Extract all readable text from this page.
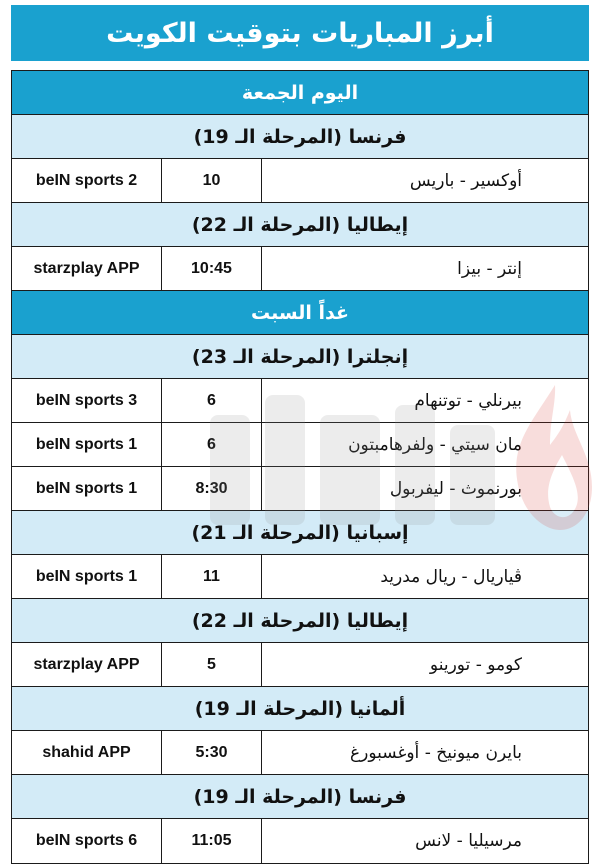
أبرز المباريات بتوقيت الكويت
اليوم الجمعة
فرنسا (المرحلة الـ 19)
beIN sports 2	10	أوكسير - باريس
إيطاليا (المرحلة الـ 22)
starzplay APP	10:45	إنتر - بيزا
غداً السبت
إنجلترا (المرحلة الـ 23)
beIN sports 3	6	بيرنلي - توتنهام
beIN sports 1	6	مان سيتي - ولفرهامبتون
beIN sports 1	8:30	بورنموث - ليفربول
إسبانيا (المرحلة الـ 21)
beIN sports 1	11	ڤياريال - ريال مدريد
إيطاليا (المرحلة الـ 22)
starzplay APP	5	كومو - تورينو
ألمانيا (المرحلة الـ 19)
shahid APP	5:30	بايرن ميونيخ - أوغسبورغ
فرنسا (المرحلة الـ 19)
beIN sports 6	11:05	مرسيليا - لانس
